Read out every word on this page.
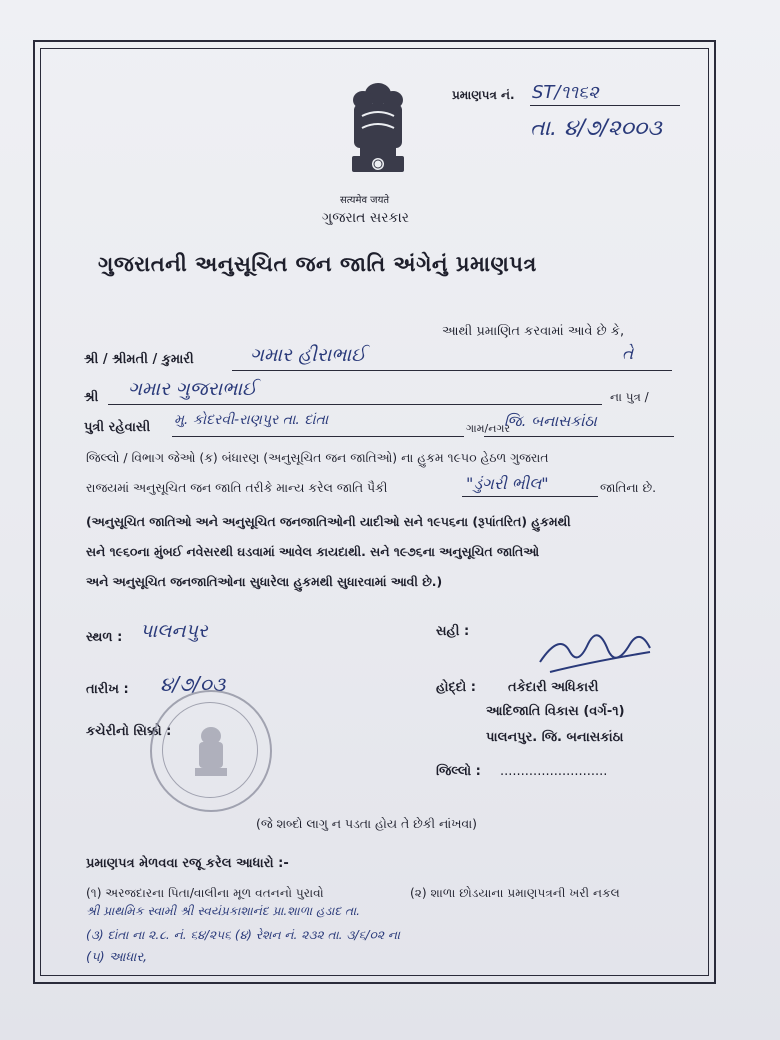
सत्यमेव जयते
ગુજરાત સરકાર
પ્રમાણપત્ર નં. ST/૧૧૬૨
તા. ૪/૭/૨૦૦૩
ગુજરાતની અનુસૂચિત જન જાતિ અંગેનું પ્રમાણપત્ર
આથી પ્રમાણિત કરવામાં આવે છે કે,
શ્રી / શ્રીમતી / કુમારી	ગમાર હીરાભાઈ	તે
શ્રી ગમાર ગુજરાભાઈ	ના પુત્ર /
પુત્રી રહેવાસી મુ. કોદરવી-રાણપુર તા. દાંતા
ગામ/નગર
જિ. બનાસકાંઠા
જિલ્લો / વિભાગ જેઓ (ક) બંધારણ (અનુસૂચિત જન જાતિઓ) ના હુકમ ૧૯૫૦ હેઠળ ગુજરાત
રાજયમાં અનુસૂચિત જન જાતિ તરીકે માન્ય કરેલ જાતિ પૈકી	"ડુંગરી ભીલ"	જાતિના છે.
(અનુસૂચિત જાતિઓ અને અનુસૂચિત જનજાતિઓની યાદીઓ સને ૧૯૫૬ના (રૂપાંતરિત) હુકમથી
સને ૧૯૬૦ના મુંબઈ નવેસરથી ઘડવામાં આવેલ કાયદાથી. સને ૧૯૭૬ના અનુસૂચિત જાતિઓ
અને અનુસૂચિત જનજાતિઓના સુધારેલા હુકમથી સુધારવામાં આવી છે.)
સ્થળ : પાલનપુર	સહી :
તારીખ : ૪/૭/૦૩	હોદ્દો : તકેદારી અધિકારી
આદિજાતિ વિકાસ (વર્ગ-૧)
પાલનપુર. જિ. બનાસકાંઠા
કચેરીનો સિક્કો :
જિલ્લો : ..........................
(જે શબ્દો લાગુ ન પડતા હોય તે છેકી નાંખવા)
પ્રમાણપત્ર મેળવવા રજૂ કરેલ આધારો :-
(૧) અરજદારના પિતા/વાલીના મૂળ વતનનો પુરાવો	(૨) શાળા છોડયાના પ્રમાણપત્રની ખરી નકલ
શ્રી પ્રાથમિક સ્વામી શ્રી સ્વયંપ્રકાશાનંદ પ્રા.શાળા હડાદ તા.
(૩) દાંતા ના ૨.૮. નં. ૬૪/૨૫૬ (૪) રેશન નં. ૨૩૨ તા. ૩/૬/૦૨ ના
(૫) આધાર,
